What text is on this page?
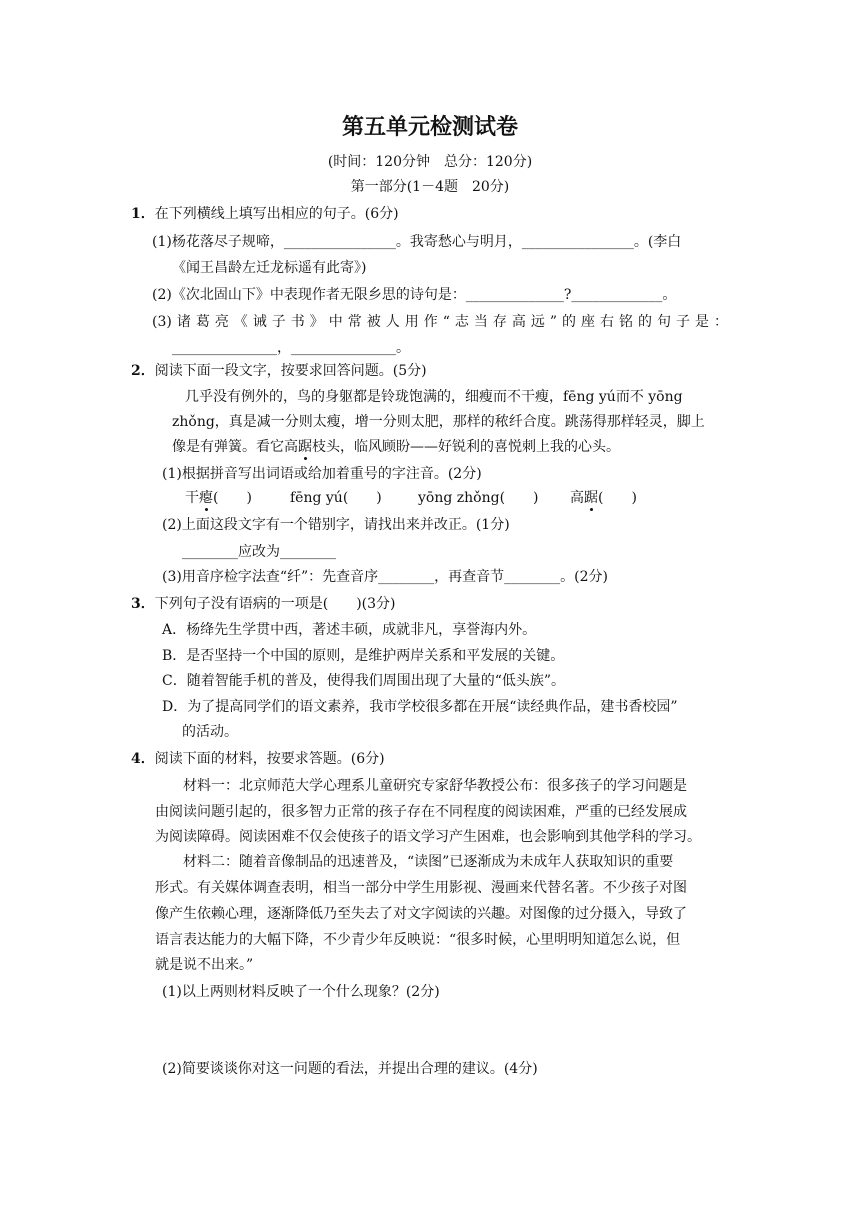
第五单元检测试卷
(时间：120分钟　总分：120分)
第一部分(1－4题　20分)
1．在下列横线上填写出相应的句子。(6分)
(1)杨花落尽子规啼，________________。我寄愁心与明月，________________。(李白
《闻王昌龄左迁龙标遥有此寄》)
(2)《次北固山下》中表现作者无限乡思的诗句是：______________?_____________。
(3)诸葛亮《诫子书》中常被人用作“志当存高远”的座右铭的句子是：
_______________，_______________。
2．阅读下面一段文字，按要求回答问题。(5分)
几乎没有例外的，鸟的身躯都是铃珑饱满的，细瘦而不干瘦，fēng yú而不 yōng
zhǒng，真是减一分则太瘦，增一分则太肥，那样的秾纤合度。跳荡得那样轻灵，脚上
像是有弹簧。看它高踞枝头，临风顾盼——好锐利的喜悦刺上我的心头。
(1)根据拼音写出词语或给加着重号的字注音。(2分)
干瘪(　　)	fēng yú(　　)	yōng zhǒng(　　) 高踞(　　)
(2)上面这段文字有一个错别字，请找出来并改正。(1分)
________应改为________
(3)用音序检字法查“纤”：先查音序________，再查音节________。(2分)
3．下列句子没有语病的一项是(　　)(3分)
A．杨绛先生学贯中西，著述丰硕，成就非凡，享誉海内外。
B．是否坚持一个中国的原则，是维护两岸关系和平发展的关键。
C．随着智能手机的普及，使得我们周围出现了大量的“低头族”。
D．为了提高同学们的语文素养，我市学校很多都在开展“读经典作品，建书香校园”
的活动。
4．阅读下面的材料，按要求答题。(6分)
材料一：北京师范大学心理系儿童研究专家舒华教授公布：很多孩子的学习问题是
由阅读问题引起的，很多智力正常的孩子存在不同程度的阅读困难，严重的已经发展成
为阅读障碍。阅读困难不仅会使孩子的语文学习产生困难，也会影响到其他学科的学习。
材料二：随着音像制品的迅速普及，“读图”已逐渐成为未成年人获取知识的重要
形式。有关媒体调查表明，相当一部分中学生用影视、漫画来代替名著。不少孩子对图
像产生依赖心理，逐渐降低乃至失去了对文字阅读的兴趣。对图像的过分摄入，导致了
语言表达能力的大幅下降，不少青少年反映说：“很多时候，心里明明知道怎么说，但
就是说不出来。”
(1)以上两则材料反映了一个什么现象？(2分)
(2)简要谈谈你对这一问题的看法，并提出合理的建议。(4分)
